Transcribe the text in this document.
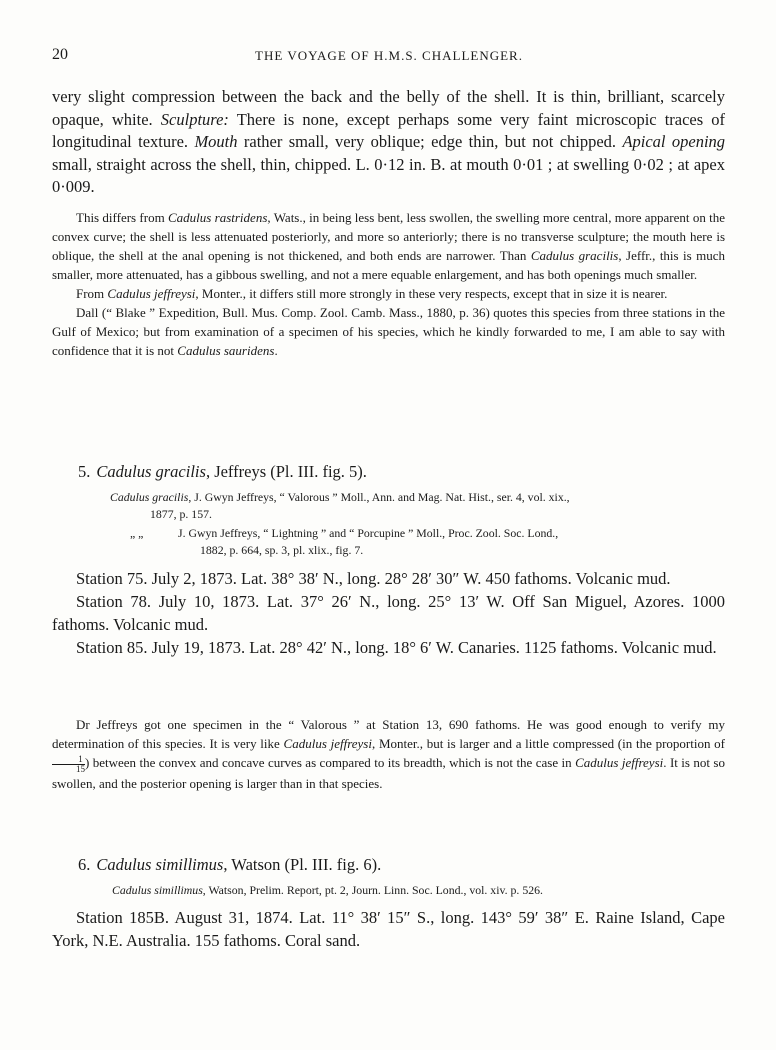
20	THE VOYAGE OF H.M.S. CHALLENGER.

very slight compression between the back and the belly of the shell. It is thin, brilliant, scarcely opaque, white. Sculpture: There is none, except perhaps some very faint microscopic traces of longitudinal texture. Mouth rather small, very oblique; edge thin, but not chipped. Apical opening small, straight across the shell, thin, chipped. L. 0·12 in. B. at mouth 0·01 ; at swelling 0·02 ; at apex 0·009.

This differs from Cadulus rastridens, Wats., in being less bent, less swollen, the swelling more central, more apparent on the convex curve; the shell is less attenuated posteriorly, and more so anteriorly; there is no transverse sculpture; the mouth here is oblique, the shell at the anal opening is not thickened, and both ends are narrower. Than Cadulus gracilis, Jeffr., this is much smaller, more attenuated, has a gibbous swelling, and not a mere equable enlargement, and has both openings much smaller.

From Cadulus jeffreysi, Monter., it differs still more strongly in these very respects, except that in size it is nearer.

Dall (“ Blake ” Expedition, Bull. Mus. Comp. Zool. Camb. Mass., 1880, p. 36) quotes this species from three stations in the Gulf of Mexico; but from examination of a specimen of his species, which he kindly forwarded to me, I am able to say with confidence that it is not Cadulus sauridens.

5. Cadulus gracilis, Jeffreys (Pl. III. fig. 5).
Cadulus gracilis, J. Gwyn Jeffreys, “ Valorous ” Moll., Ann. and Mag. Nat. Hist., ser. 4, vol. xix.,
1877, p. 157.
„ „	J. Gwyn Jeffreys, “ Lightning ” and “ Porcupine ” Moll., Proc. Zool. Soc. Lond.,
1882, p. 664, sp. 3, pl. xlix., fig. 7.

Station 75. July 2, 1873. Lat. 38° 38′ N., long. 28° 28′ 30″ W. 450 fathoms. Volcanic mud.

Station 78. July 10, 1873. Lat. 37° 26′ N., long. 25° 13′ W. Off San Miguel, Azores. 1000 fathoms. Volcanic mud.

Station 85. July 19, 1873. Lat. 28° 42′ N., long. 18° 6′ W. Canaries. 1125 fathoms. Volcanic mud.

Dr Jeffreys got one specimen in the “ Valorous ” at Station 13, 690 fathoms. He was good enough to verify my determination of this species. It is very like Cadulus jeffreysi, Monter., but is larger and a little compressed (in the proportion of
$\frac{1}{15}$ ) between the convex and concave curves as compared to its breadth, which is not the case in Cadulus jeffreysi. It is not so swollen, and the posterior opening is larger than in that species.

6. Cadulus simillimus, Watson (Pl. III. fig. 6).
Cadulus simillimus, Watson, Prelim. Report, pt. 2, Journ. Linn. Soc. Lond., vol. xiv. p. 526.

Station 185B. August 31, 1874. Lat. 11° 38′ 15″ S., long. 143° 59′ 38″ E. Raine Island, Cape York, N.E. Australia. 155 fathoms. Coral sand.
